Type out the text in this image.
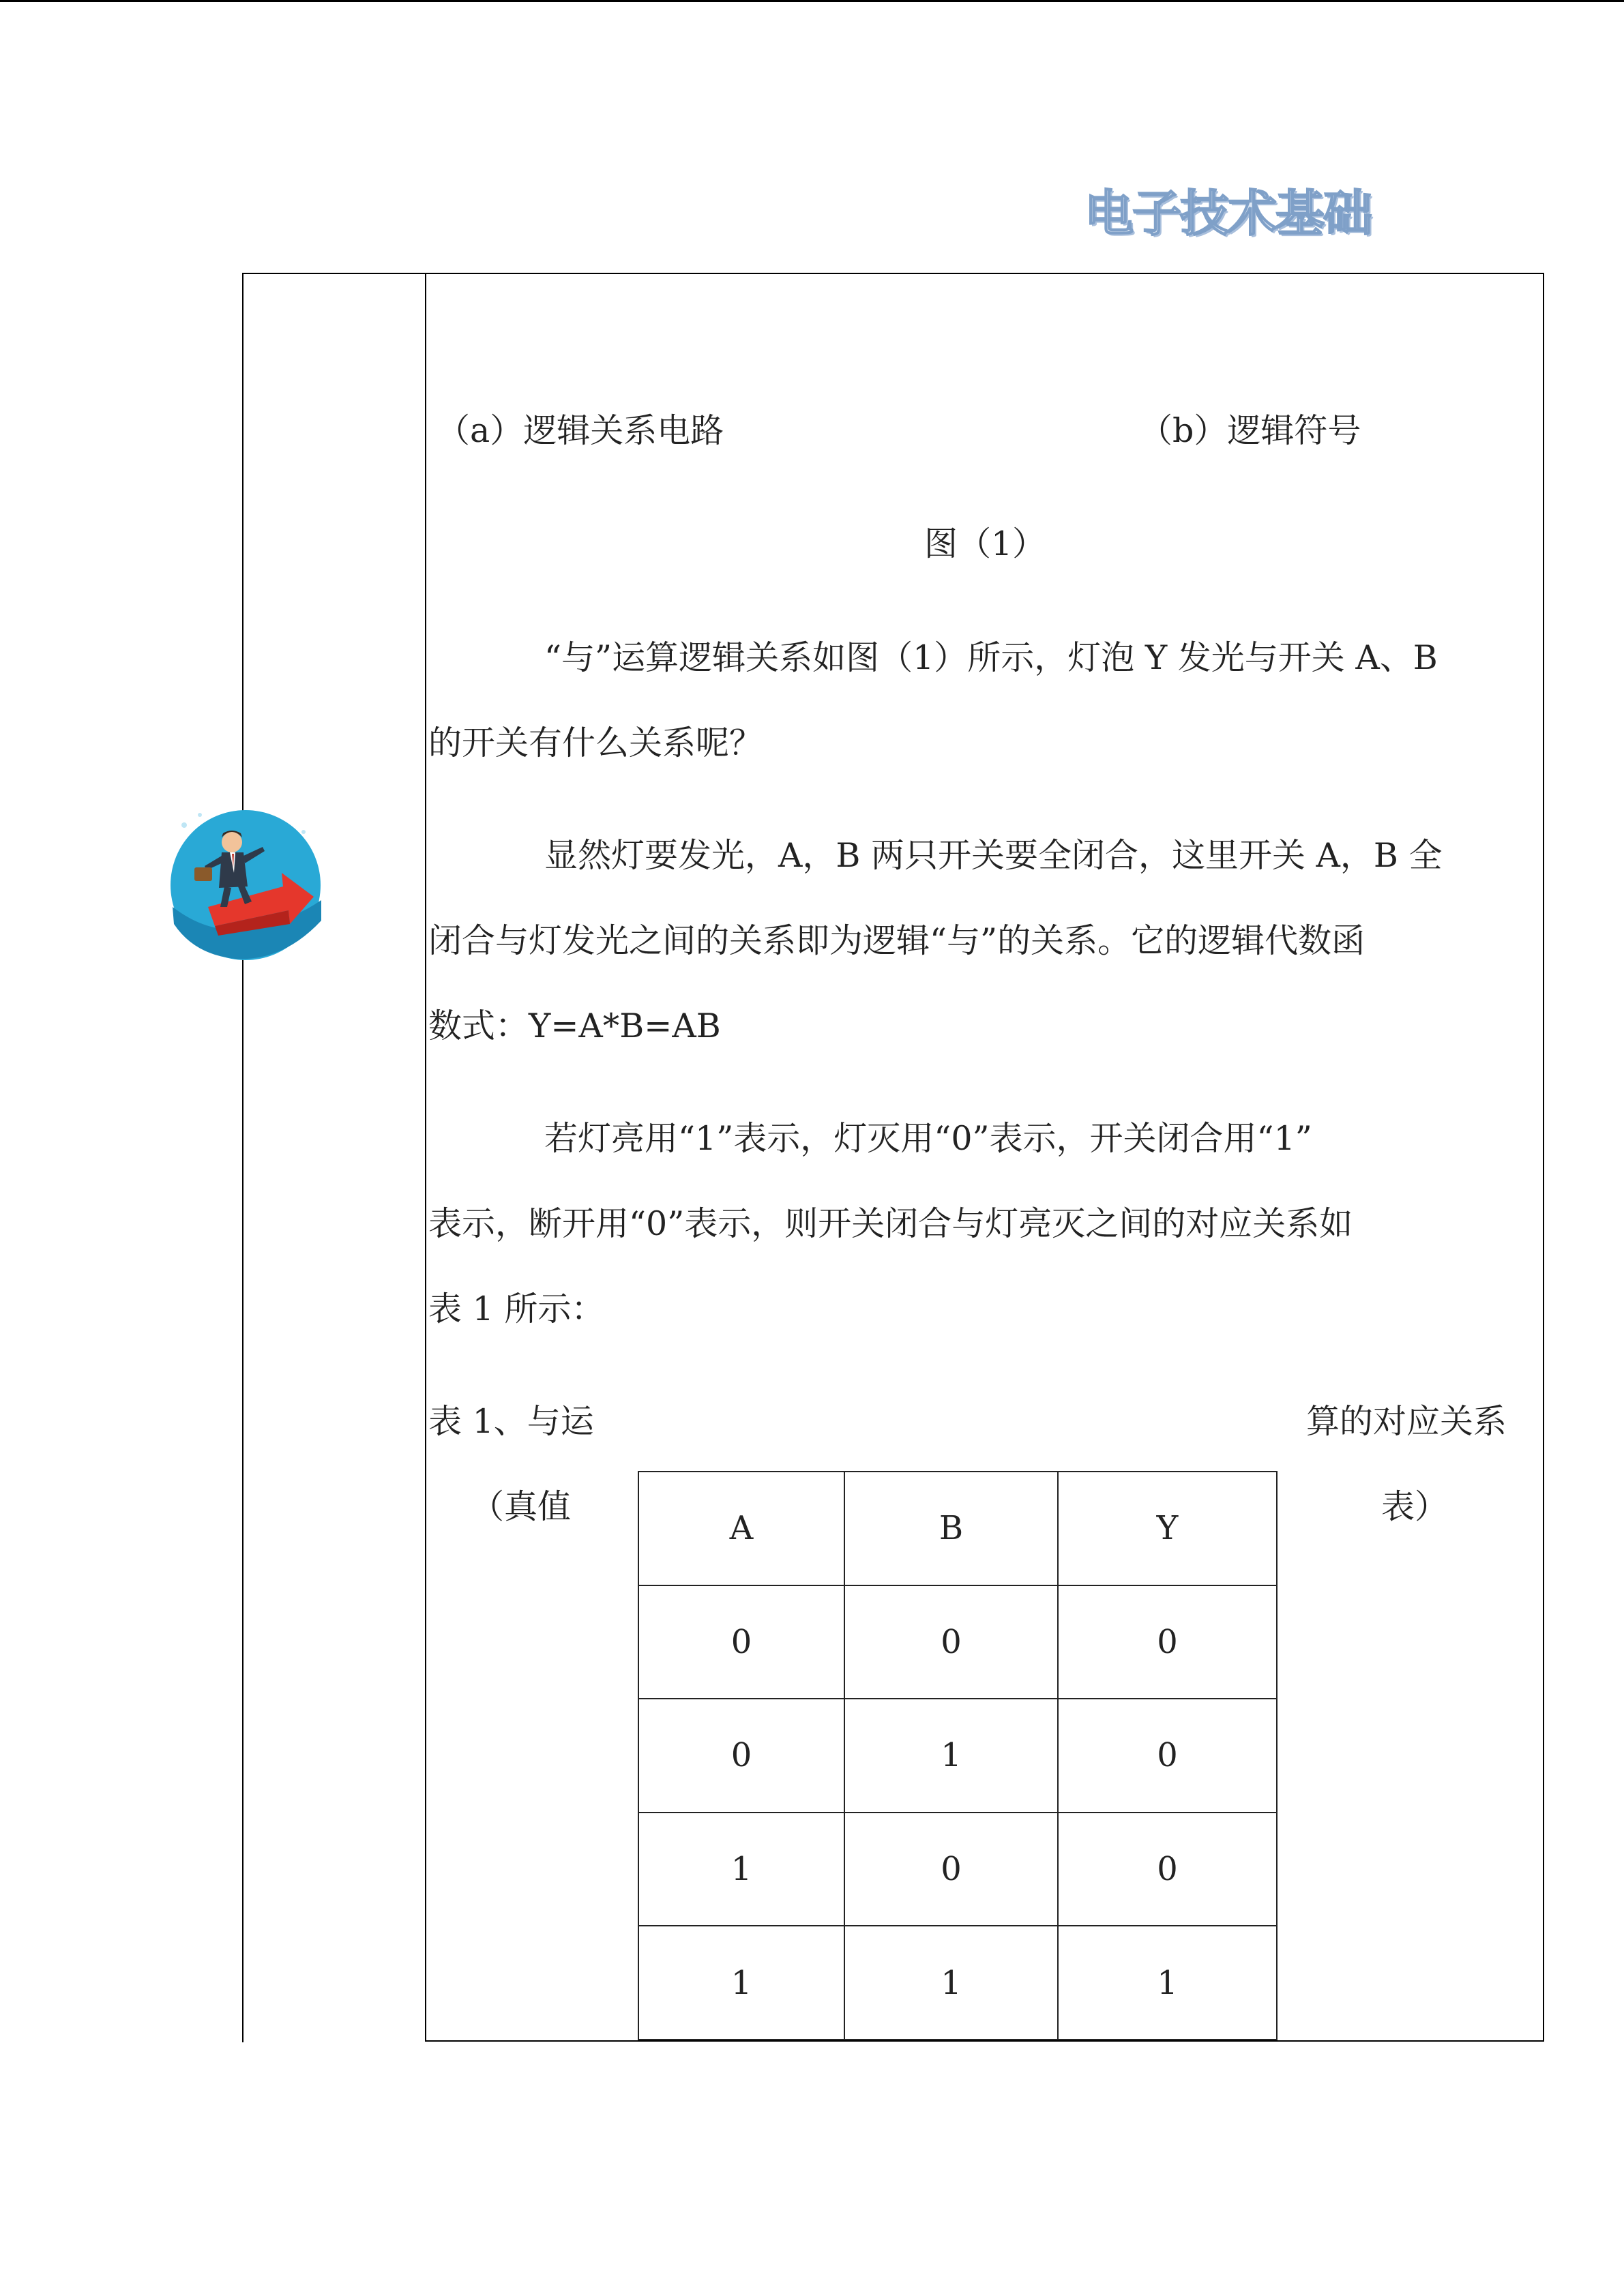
电子技术基础
（a）逻辑关系电路	（b）逻辑符号
图（1）
“与”运算逻辑关系如图（1）所示，灯泡 Y 发光与开关 A、B
的开关有什么关系呢？
显然灯要发光，A，B 两只开关要全闭合，这里开关 A，B 全
闭合与灯发光之间的关系即为逻辑“与”的关系。它的逻辑代数函
数式：Y=A*B=AB
若灯亮用“1”表示，灯灭用“0”表示，开关闭合用“1”
表示，断开用“0”表示，则开关闭合与灯亮灭之间的对应关系如
表 1 所示：
表 1、与运
（真值
算的对应关系
表）
A	B	Y
0	0	0
0	1	0
1	0	0
1	1	1
